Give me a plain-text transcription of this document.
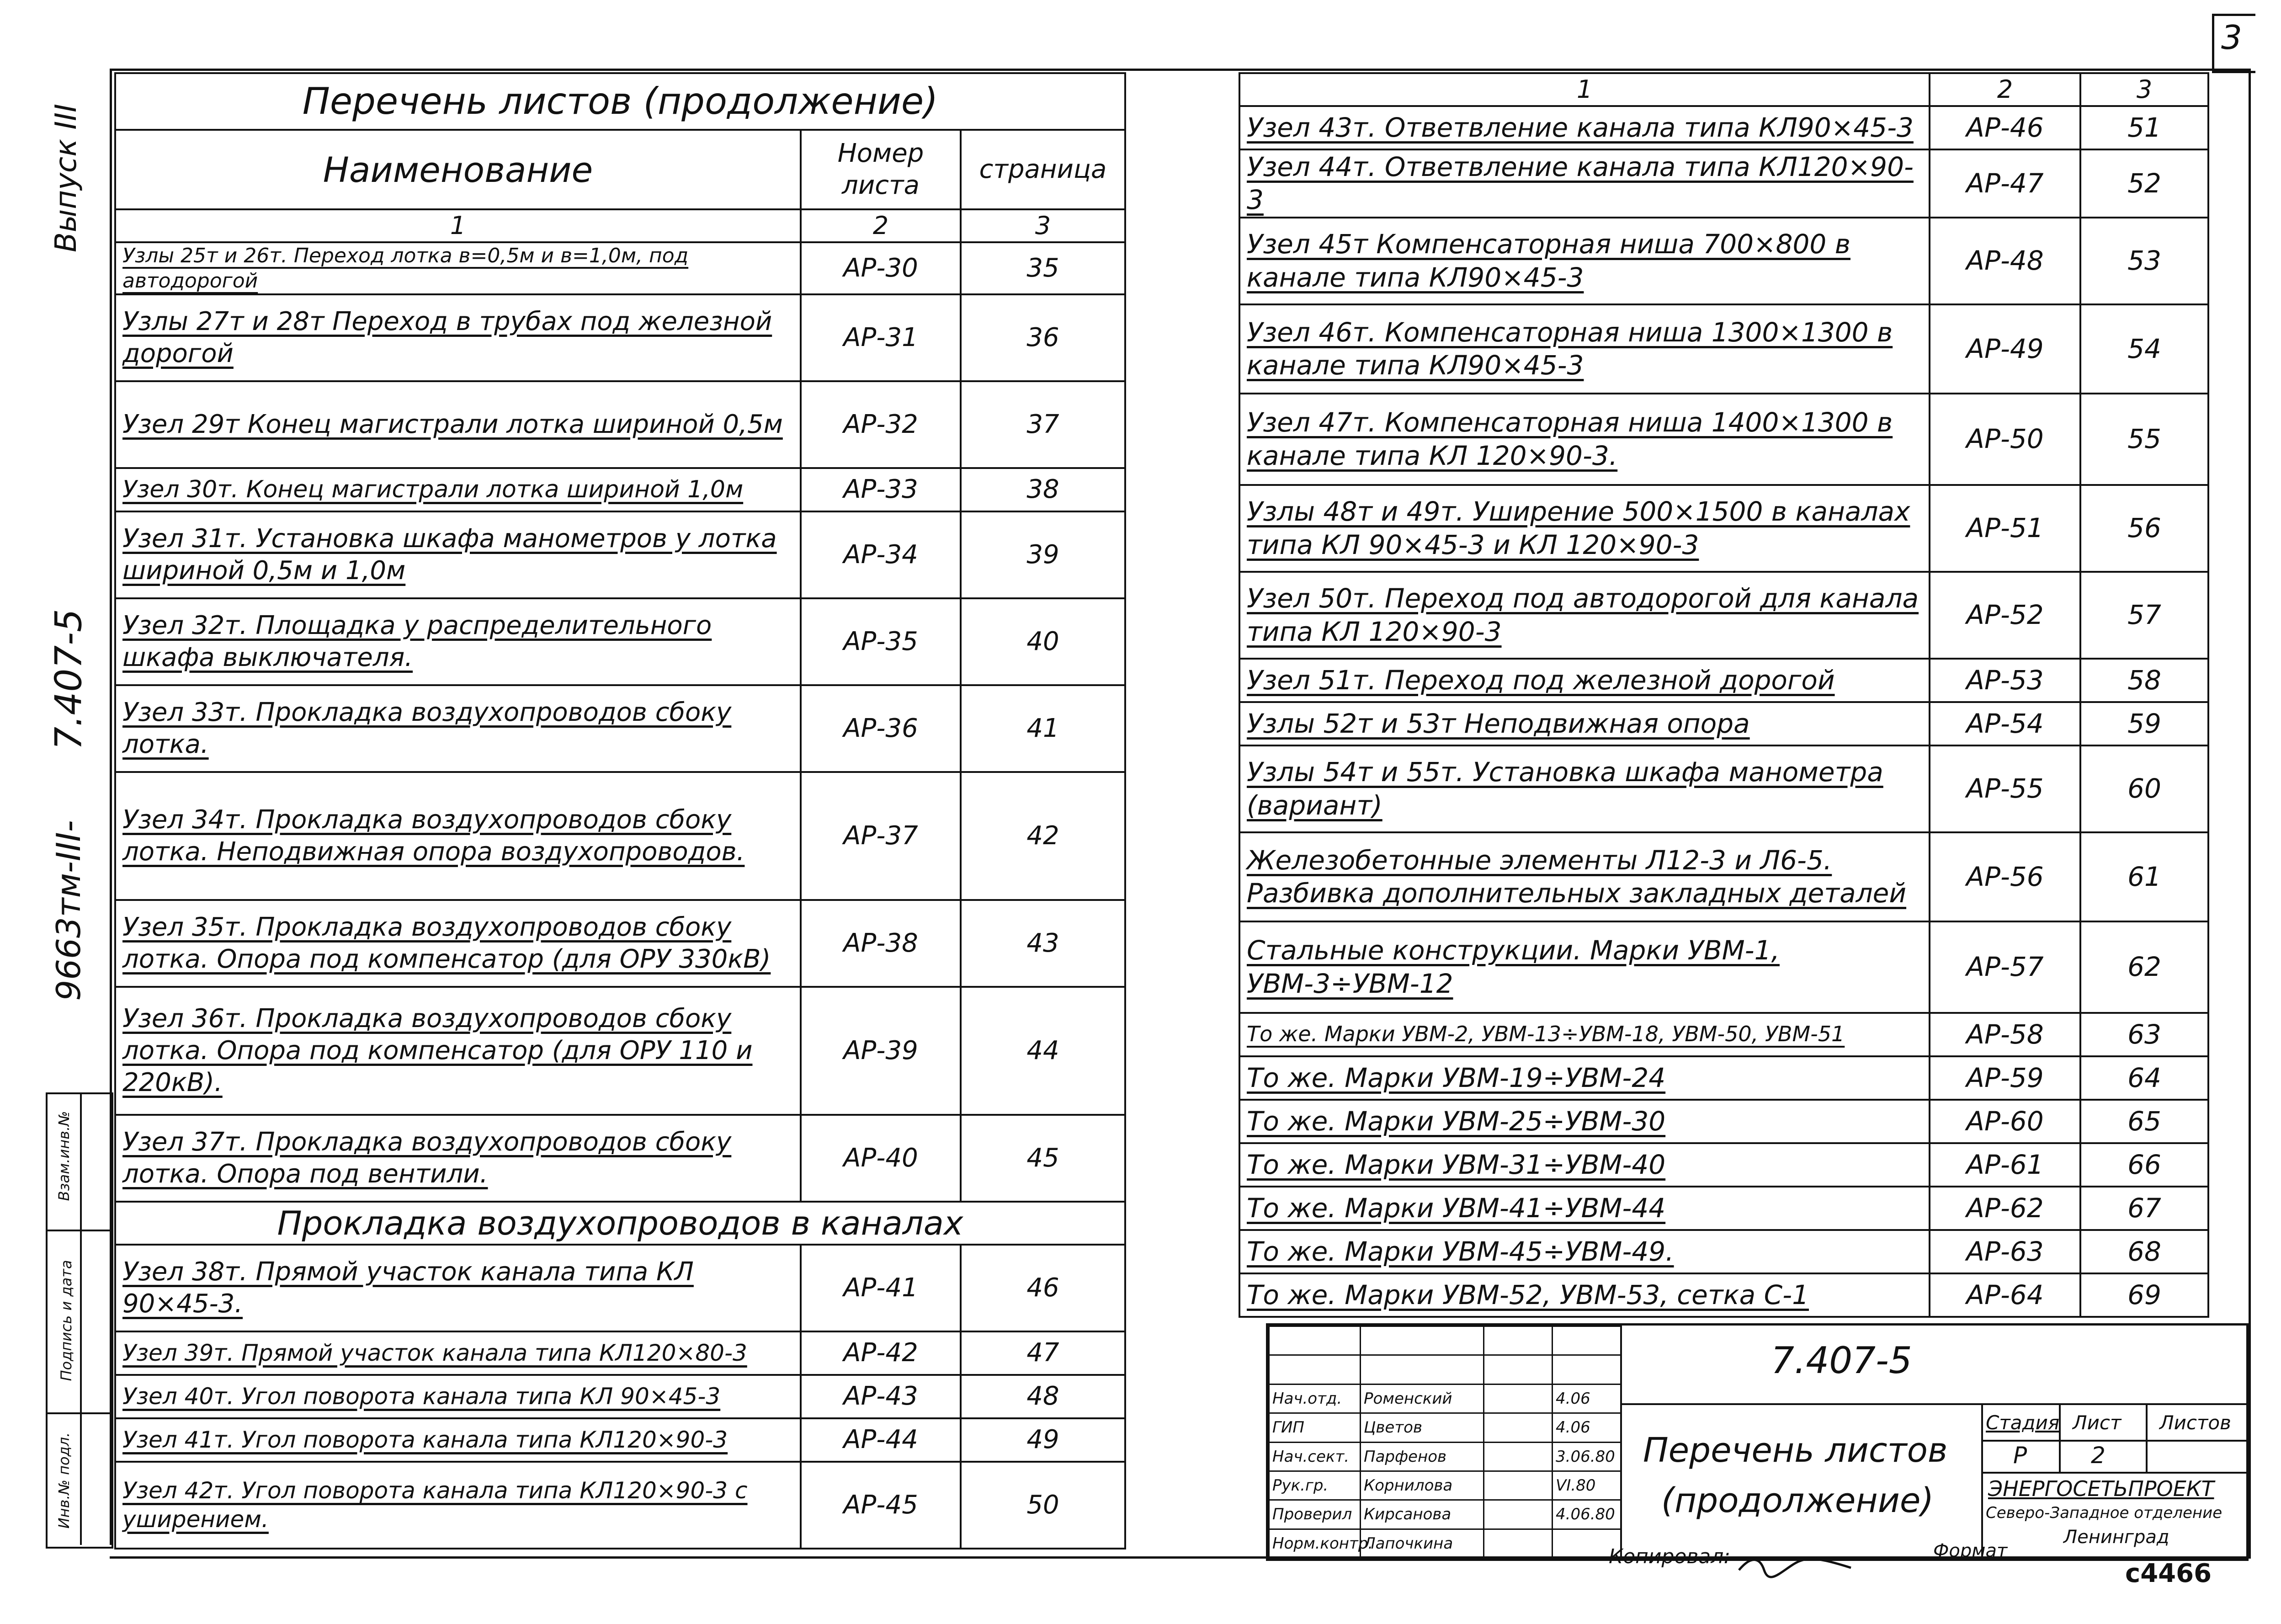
3
Выпуск III
7.407-5
9663тм-III-
Взам.инв.№
Подпись и дата
Инв.№ подл.
Перечень листов (продолжение)		
Наименование	Номер листа	страница
1	2	3
Узлы 25т и 26т. Переход лотка в=0,5м и в=1,0м, под автодорогой	АР-30	35
Узлы 27т и 28т Переход в трубах под железной дорогой	АР-31	36
Узел 29т Конец магистрали лотка шириной 0,5м	АР-32	37
Узел 30т. Конец магистрали лотка шириной 1,0м	АР-33	38
Узел 31т. Установка шкафа манометров у лотка шириной 0,5м и 1,0м	АР-34	39
Узел 32т. Площадка у распределительного шкафа выключателя.	АР-35	40
Узел 33т. Прокладка воздухопроводов сбоку лотка.	АР-36	41
Узел 34т. Прокладка воздухопроводов сбоку лотка. Неподвижная опора воздухопроводов.	АР-37	42
Узел 35т. Прокладка воздухопроводов сбоку лотка. Опора под компенсатор (для ОРУ 330кВ)	АР-38	43
Узел 36т. Прокладка воздухопроводов сбоку лотка. Опора под компенсатор (для ОРУ 110 и 220кВ).	АР-39	44
Узел 37т. Прокладка воздухопроводов сбоку лотка. Опора под вентили.	АР-40	45
Прокладка воздухопроводов в каналах		
Узел 38т. Прямой участок канала типа КЛ 90×45-3.	АР-41	46
Узел 39т. Прямой участок канала типа КЛ120×80-3	АР-42	47
Узел 40т. Угол поворота канала типа КЛ 90×45-3	АР-43	48
Узел 41т. Угол поворота канала типа КЛ120×90-3	АР-44	49
Узел 42т. Угол поворота канала типа КЛ120×90-3 с уширением.	АР-45	50
1	2	3
Узел 43т. Ответвление канала типа КЛ90×45-3	АР-46	51
Узел 44т. Ответвление канала типа КЛ120×90-3	АР-47	52
Узел 45т Компенсаторная ниша 700×800 в канале типа КЛ90×45-3	АР-48	53
Узел 46т. Компенсаторная ниша 1300×1300 в канале типа КЛ90×45-3	АР-49	54
Узел 47т. Компенсаторная ниша 1400×1300 в канале типа КЛ 120×90-3.	АР-50	55
Узлы 48т и 49т. Уширение 500×1500 в каналах типа КЛ 90×45-3 и КЛ 120×90-3	АР-51	56
Узел 50т. Переход под автодорогой для канала типа КЛ 120×90-3	АР-52	57
Узел 51т. Переход под железной дорогой	АР-53	58
Узлы 52т и 53т Неподвижная опора	АР-54	59
Узлы 54т и 55т. Установка шкафа манометра (вариант)	АР-55	60
Железобетонные элементы Л12-3 и Л6-5. Разбивка дополнительных закладных деталей	АР-56	61
Стальные конструкции. Марки УВМ-1, УВМ-3÷УВМ-12	АР-57	62
То же. Марки УВМ-2, УВМ-13÷УВМ-18, УВМ-50, УВМ-51	АР-58	63
То же. Марки УВМ-19÷УВМ-24	АР-59	64
То же. Марки УВМ-25÷УВМ-30	АР-60	65
То же. Марки УВМ-31÷УВМ-40	АР-61	66
То же. Марки УВМ-41÷УВМ-44	АР-62	67
То же. Марки УВМ-45÷УВМ-49.	АР-63	68
То же. Марки УВМ-52, УВМ-53, сетка С-1	АР-64	69

Нач.отд.	Роменский		4.06
ГИП	Цветов		4.06
Нач.сект.	Парфенов		3.06.80
Рук.гр.	Корнилова		VI.80
Проверил	Кирсанова		4.06.80
Норм.контр.	Лапочкина		
7.407-5
Перечень листов
(продолжение)
Стадия Лист Листов
Р	2
ЭНЕРГОСЕТЬПРОЕКТ
Северо-Западное отделение
Ленинград
Копировал:	Формат
с4466
